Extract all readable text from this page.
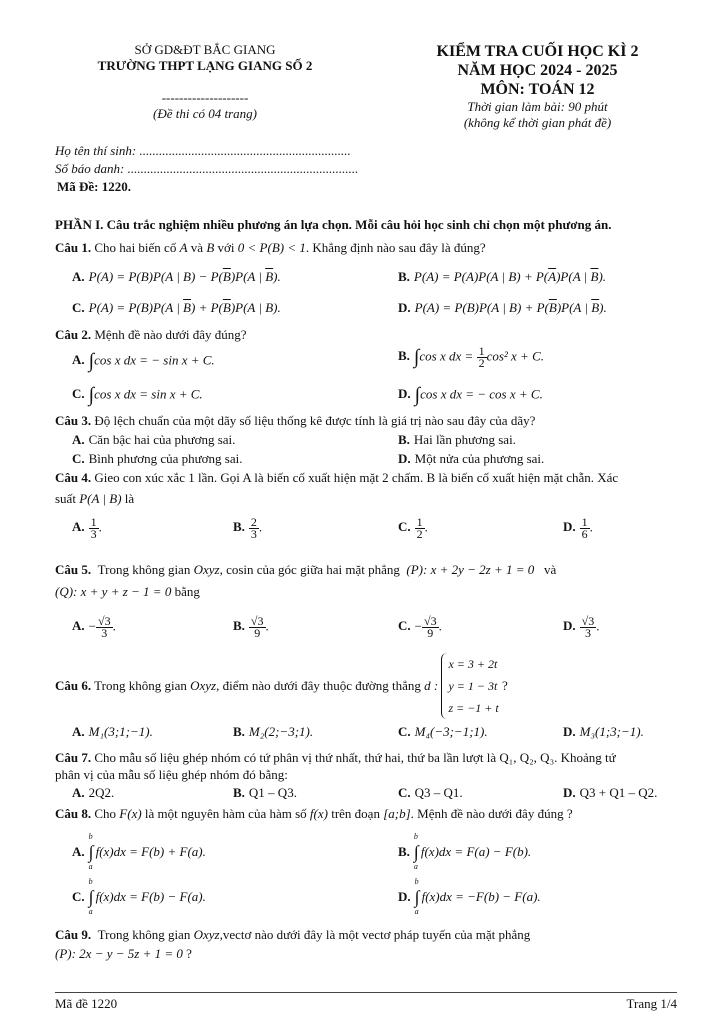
SỞ GD&ĐT BẮC GIANG
TRƯỜNG THPT LẠNG GIANG SỐ 2
--------------------
(Đề thi có 04 trang)
KIỂM TRA CUỐI HỌC KÌ 2
NĂM HỌC 2024 - 2025
MÔN: TOÁN 12
Thời gian làm bài: 90 phút
(không kể thời gian phát đề)
Họ tên thí sinh: .................................................................
Số báo danh: .......................................................................
Mã Đề: 1220.
PHẦN I. Câu trắc nghiệm nhiều phương án lựa chọn. Mỗi câu hỏi học sinh chỉ chọn một phương án.
Câu 1. Cho hai biến cố A và B với 0 < P(B) < 1. Khẳng định nào sau đây là đúng?
A. P(A) = P(B)P(A | $B) - P(\overline{B})P(A$ | $\overline{B}$).	B. P(A) = P(A)P(A | $B) + P(\overline{A})P(A$ | $\overline{B}$).
C. P(A) = P(B)P(A | $\overline{B}) + P(\overline{B})P(A$ | B).	D. P(A) = P(B)P(A | $B) + P(\overline{B})P(A$ | $\overline{B}$).
Câu 2. Mệnh đề nào dưới đây đúng?
A. ∫cos x dx = − sin x + C.	B. ∫cos x dx = $\frac{1}{2} \cos^2$ x + C.
C. ∫cos x dx = sin x + C.	D. ∫cos x dx = − cos x + C.
Câu 3. Độ lệch chuẩn của một dãy số liệu thống kê được tính là giá trị nào sau đây của dãy?
A. Căn bậc hai của phương sai.	B. Hai lần phương sai.
C. Bình phương của phương sai.	D. Một nửa của phương sai.
Câu 4. Gieo con xúc xắc 1 lần. Gọi A là biến cố xuất hiện mặt 2 chấm. B là biến cố xuất hiện mặt chẵn. Xác
suất P(A | B) là
A. $\frac{1}{3}$ .	B. $\frac{2}{3}$ .	C. $\frac{1}{2}$ .	D. $\frac{1}{6}$ .
Câu 5. Trong không gian Oxyz, cosin của góc giữa hai mặt phẳng (P): x + 2y − 2z + 1 = 0 và
(Q): x + y + z − 1 = 0 bằng
A. − $\frac{√3}{3}$ .	B. $\frac{√3}{9}$ .	C. − $\frac{√3}{9}$ .	D. $\frac{√3}{3}$ .
Câu 6. Trong không gian Oxyz, điểm nào dưới đây thuộc đường thẳng d : x = 3 + 2t
y = 1 − 3t
z = −1 + t ?
A. M₁(3;1;−1).	B. M₂(2;−3;1).	C. M₄(−3;−1;1).	D. M₃(1;3;−1).
Câu 7. Cho mẫu số liệu ghép nhóm có tứ phân vị thứ nhất, thứ hai, thứ ba lần lượt là Q₁, Q₂, Q₃. Khoảng tứ
phân vị của mẫu số liệu ghép nhóm đó bằng:
A. 2Q2.	B. Q1 – Q3.	C. Q3 – Q1.	D. Q3 + Q1 – Q2.
Câu 8. Cho F(x) là một nguyên hàm của hàm số f(x) trên đoạn [a;b]. Mệnh đề nào dưới đây đúng ?
A.b
∫
af(x)dx = F(b) + F(a).	B.b
∫
af(x)dx = F(a) − F(b).
C.b
∫
af(x)dx = F(b) − F(a).	D.b
∫
af(x)dx = −F(b) − F(a).
Câu 9. Trong không gian Oxyz,vectơ nào dưới đây là một vectơ pháp tuyến của mặt phẳng
(P): 2x − y − 5z + 1 = 0 ?
Mã đề 1220	Trang 1/4
